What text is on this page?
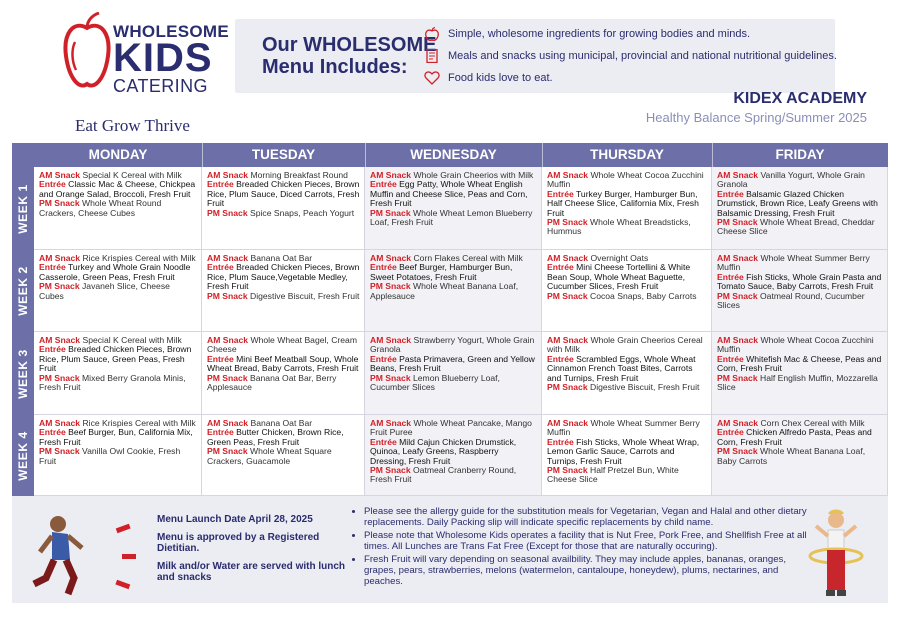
WHOLESOME
KIDS
CATERING
Eat Grow Thrive
Our WHOLESOME
Menu Includes:
Simple, wholesome ingredients for growing bodies and minds.
Meals and snacks using municipal, provincial and national nutritional guidelines.
Food kids love to eat.
KIDEX ACADEMY
Healthy Balance Spring/Summer 2025
MONDAY	TUESDAY	WEDNESDAY	THURSDAY	FRIDAY
WEEK 1
AM Snack Special K Cereal with Milk
Entrée Classic Mac & Cheese, Chickpea and Orange Salad, Broccoli, Fresh Fruit
PM Snack Whole Wheat Round Crackers, Cheese Cubes
AM Snack Morning Breakfast Round
Entrée Breaded Chicken Pieces, Brown Rice, Plum Sauce, Diced Carrots, Fresh Fruit
PM Snack Spice Snaps, Peach Yogurt
AM Snack Whole Grain Cheerios with Milk
Entrée Egg Patty, Whole Wheat English Muffin and Cheese Slice, Peas and Corn, Fresh Fruit
PM Snack Whole Wheat Lemon Blueberry Loaf, Fresh Fruit
AM Snack Whole Wheat Cocoa Zucchini Muffin
Entrée Turkey Burger, Hamburger Bun, Half Cheese Slice, California Mix, Fresh Fruit
PM Snack Whole Wheat Breadsticks, Hummus
AM Snack Vanilla Yogurt, Whole Grain Granola
Entrée Balsamic Glazed Chicken Drumstick, Brown Rice, Leafy Greens with Balsamic Dressing, Fresh Fruit
PM Snack Whole Wheat Bread, Cheddar Cheese Slice
WEEK 2
AM Snack Rice Krispies Cereal with Milk
Entrée Turkey and Whole Grain Noodle Casserole, Green Peas, Fresh Fruit
PM Snack Javaneh Slice, Cheese Cubes
AM Snack Banana Oat Bar
Entrée Breaded Chicken Pieces, Brown Rice, Plum Sauce,Vegetable Medley, Fresh Fruit
PM Snack Digestive Biscuit, Fresh Fruit
AM Snack Corn Flakes Cereal with Milk
Entrée Beef Burger, Hamburger Bun, Sweet Potatoes, Fresh Fruit
PM Snack Whole Wheat Banana Loaf, Applesauce
AM Snack Overnight Oats
Entrée Mini Cheese Tortellini & White Bean Soup, Whole Wheat Baguette, Cucumber Slices, Fresh Fruit
PM Snack Cocoa Snaps, Baby Carrots
AM Snack Whole Wheat Summer Berry Muffin
Entrée Fish Sticks, Whole Grain Pasta and Tomato Sauce, Baby Carrots, Fresh Fruit
PM Snack Oatmeal Round, Cucumber Slices
WEEK 3
AM Snack Special K Cereal with Milk
Entrée Breaded Chicken Pieces, Brown Rice, Plum Sauce, Green Peas, Fresh Fruit
PM Snack Mixed Berry Granola Minis, Fresh Fruit
AM Snack Whole Wheat Bagel, Cream Cheese
Entrée Mini Beef Meatball Soup, Whole Wheat Bread, Baby Carrots, Fresh Fruit
PM Snack Banana Oat Bar, Berry Applesauce
AM Snack Strawberry Yogurt, Whole Grain Granola
Entrée Pasta Primavera, Green and Yellow Beans, Fresh Fruit
PM Snack Lemon Blueberry Loaf, Cucumber Slices
AM Snack Whole Grain Cheerios Cereal with Milk
Entrée Scrambled Eggs, Whole Wheat Cinnamon French Toast Bites, Carrots and Turnips, Fresh Fruit
PM Snack Digestive Biscuit, Fresh Fruit
AM Snack Whole Wheat Cocoa Zucchini Muffin
Entrée Whitefish Mac & Cheese, Peas and Corn, Fresh Fruit
PM Snack Half English Muffin, Mozzarella Slice
WEEK 4
AM Snack Rice Krispies Cereal with Milk
Entrée Beef Burger, Bun, California Mix, Fresh Fruit
PM Snack Vanilla Owl Cookie, Fresh Fruit
AM Snack Banana Oat Bar
Entrée Butter Chicken, Brown Rice, Green Peas, Fresh Fruit
PM Snack Whole Wheat Square Crackers, Guacamole
AM Snack Whole Wheat Pancake, Mango Fruit Puree
Entrée Mild Cajun Chicken Drumstick, Quinoa, Leafy Greens, Raspberry Dressing, Fresh Fruit
PM Snack Oatmeal Cranberry Round, Fresh Fruit
AM Snack Whole Wheat Summer Berry Muffin
Entrée Fish Sticks, Whole Wheat Wrap, Lemon Garlic Sauce, Carrots and Turnips, Fresh Fruit
PM Snack Half Pretzel Bun, White Cheese Slice
AM Snack Corn Chex Cereal with Milk
Entrée Chicken Alfredo Pasta, Peas and Corn, Fresh Fruit
PM Snack Whole Wheat Banana Loaf, Baby Carrots

Menu Launch Date April 28, 2025

Menu is approved by a Registered Dietitian.

Milk and/or Water are served with lunch and snacks

• Please see the allergy guide for the substitution meals for Vegetarian, Vegan and Halal and other dietary replacements. Daily Packing slip will indicate specific replacements by child name.
• Please note that Wholesome Kids operates a facility that is Nut Free, Pork Free, and Shellfish Free at all times. All Lunches are Trans Fat Free (Except for those that are naturally occuring).
• Fresh Fruit will vary depending on seasonal availbility. They may include apples, bananas, oranges, grapes, pears, strawberries, melons (watermelon, cantaloupe, honeydew), plums, nectarines, and peaches.
